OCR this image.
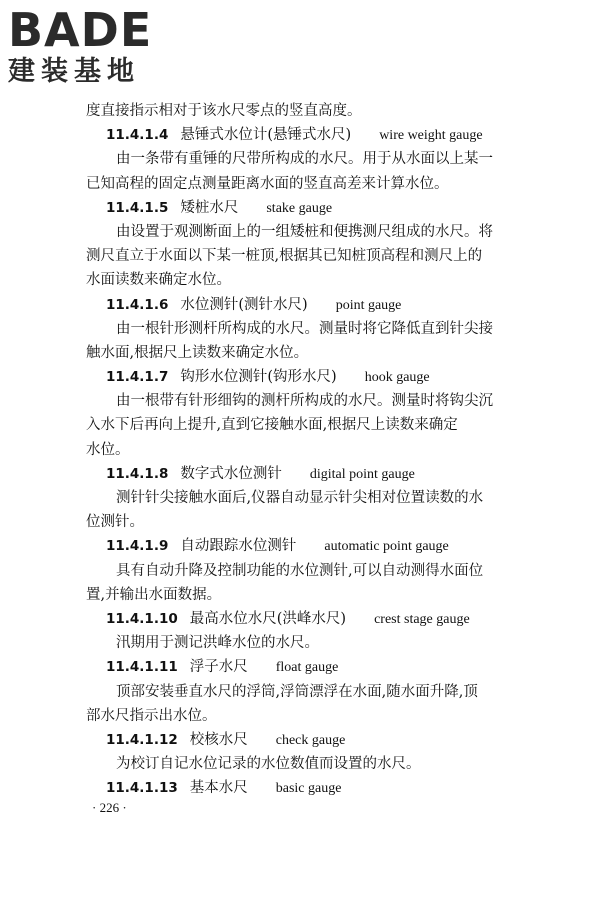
BADE
建装基地
度直接指示相对于该水尺零点的竖直高度。
11.4.1.4 悬锤式水位计(悬锤式水尺) wire weight gauge
由一条带有重锤的尺带所构成的水尺。用于从水面以上某一
已知高程的固定点测量距离水面的竖直高差来计算水位。
11.4.1.5 矮桩水尺 stake gauge
由设置于观测断面上的一组矮桩和便携测尺组成的水尺。将
测尺直立于水面以下某一桩顶,根据其已知桩顶高程和测尺上的
水面读数来确定水位。
11.4.1.6 水位测针(测针水尺) point gauge
由一根针形测杆所构成的水尺。测量时将它降低直到针尖接
触水面,根据尺上读数来确定水位。
11.4.1.7 钩形水位测针(钩形水尺) hook gauge
由一根带有针形细钩的测杆所构成的水尺。测量时将钩尖沉
入水下后再向上提升,直到它接触水面,根据尺上读数来确定
水位。
11.4.1.8 数字式水位测针 digital point gauge
测针针尖接触水面后,仪器自动显示针尖相对位置读数的水
位测针。
11.4.1.9 自动跟踪水位测针 automatic point gauge
具有自动升降及控制功能的水位测针,可以自动测得水面位
置,并输出水面数据。
11.4.1.10 最高水位水尺(洪峰水尺) crest stage gauge
汛期用于测记洪峰水位的水尺。
11.4.1.11 浮子水尺 float gauge
顶部安装垂直水尺的浮筒,浮筒漂浮在水面,随水面升降,顶
部水尺指示出水位。
11.4.1.12 校核水尺 check gauge
为校订自记水位记录的水位数值而设置的水尺。
11.4.1.13 基本水尺 basic gauge
· 226 ·
